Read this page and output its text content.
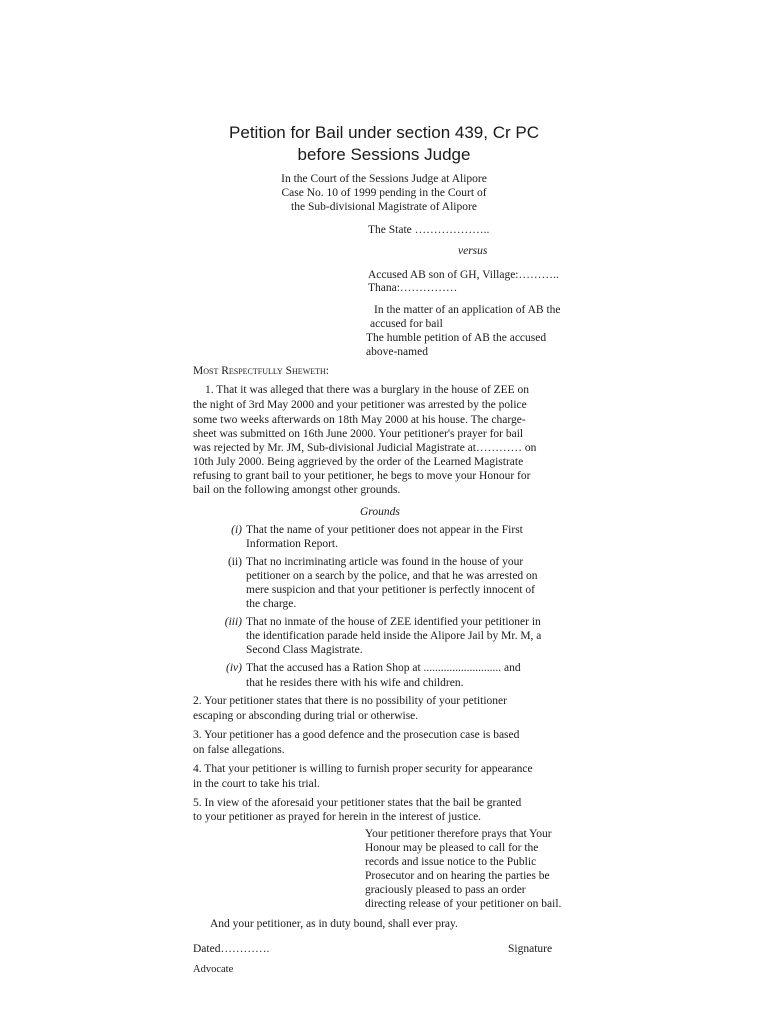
Petition for Bail under section 439, Cr PC
before Sessions Judge
In the Court of the Sessions Judge at Alipore
Case No. 10 of 1999 pending in the Court of
the Sub-divisional Magistrate of Alipore
The State ………………..
versus
Accused AB son of GH, Village:………..
Thana:……………
In the matter of an application of AB the
accused for bail
The humble petition of AB the accused
above-named
Most Respectfully Sheweth:
1. That it was alleged that there was a burglary in the house of ZEE on
the night of 3rd May 2000 and your petitioner was arrested by the police
some two weeks afterwards on 18th May 2000 at his house. The charge-
sheet was submitted on 16th June 2000. Your petitioner's prayer for bail
was rejected by Mr. JM, Sub-divisional Judicial Magistrate at………… on
10th July 2000. Being aggrieved by the order of the Learned Magistrate
refusing to grant bail to your petitioner, he begs to move your Honour for
bail on the following amongst other grounds.
Grounds
(i) That the name of your petitioner does not appear in the First
Information Report.
(ii) That no incriminating article was found in the house of your
petitioner on a search by the police, and that he was arrested on
mere suspicion and that your petitioner is perfectly innocent of
the charge.
(iii) That no inmate of the house of ZEE identified your petitioner in
the identification parade held inside the Alipore Jail by Mr. M, a
Second Class Magistrate.
(iv) That the accused has a Ration Shop at ........................... and
that he resides there with his wife and children.
2. Your petitioner states that there is no possibility of your petitioner
escaping or absconding during trial or otherwise.
3. Your petitioner has a good defence and the prosecution case is based
on false allegations.
4. That your petitioner is willing to furnish proper security for appearance
in the court to take his trial.
5. In view of the aforesaid your petitioner states that the bail be granted
to your petitioner as prayed for herein in the interest of justice.
Your petitioner therefore prays that Your
Honour may be pleased to call for the
records and issue notice to the Public
Prosecutor and on hearing the parties be
graciously pleased to pass an order
directing release of your petitioner on bail.
And your petitioner, as in duty bound, shall ever pray.
Dated………….	Signature
Advocate
